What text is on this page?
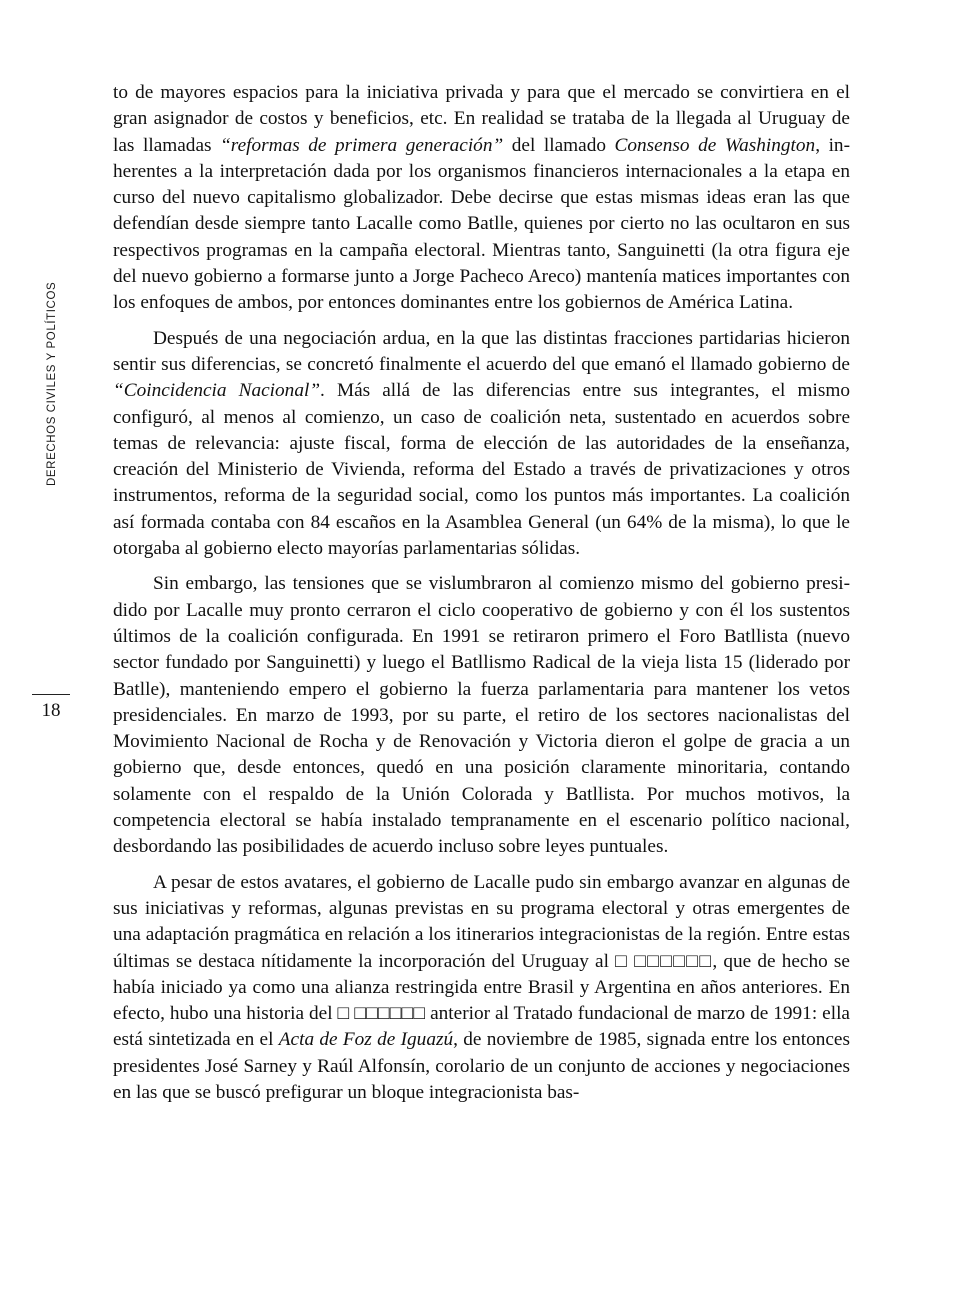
DERECHOS CIVILES Y POLÍTICOS
18

to de mayores espacios para la iniciativa privada y para que el mercado se convirtiera en el gran asignador de costos y beneficios, etc. En realidad se trataba de la llegada al Uruguay de las llamadas “reformas de primera generación” del llamado Consenso de Washington, inherentes a la interpretación dada por los organismos financieros internacionales a la etapa en curso del nuevo capitalismo globalizador. Debe decirse que estas mismas ideas eran las que defendían desde siempre tanto Lacalle como Batlle, quienes por cierto no las ocultaron en sus respectivos programas en la campaña electoral. Mientras tanto, Sanguinetti (la otra figura eje del nuevo gobierno a formarse junto a Jorge Pacheco Areco) mantenía matices importantes con los enfoques de ambos, por entonces dominantes entre los gobiernos de América Latina.

Después de una negociación ardua, en la que las distintas fracciones partidarias hicieron sentir sus diferencias, se concretó finalmente el acuerdo del que emanó el llamado gobierno de “Coincidencia Nacional”. Más allá de las diferencias entre sus integrantes, el mismo configuró, al menos al comienzo, un caso de coalición neta, sustentado en acuerdos sobre temas de relevancia: ajuste fiscal, forma de elección de las autoridades de la enseñanza, creación del Ministerio de Vivienda, reforma del Estado a través de privatizaciones y otros instrumentos, reforma de la seguridad social, como los puntos más importantes. La coalición así formada contaba con 84 escaños en la Asamblea General (un 64% de la misma), lo que le otorgaba al gobierno electo mayorías parlamentarias sólidas.

Sin embargo, las tensiones que se vislumbraron al comienzo mismo del gobierno presidido por Lacalle muy pronto cerraron el ciclo cooperativo de gobierno y con él los sustentos últimos de la coalición configurada. En 1991 se retiraron primero el Foro Batllista (nuevo sector fundado por Sanguinetti) y luego el Batllismo Radical de la vieja lista 15 (liderado por Batlle), manteniendo empero el gobierno la fuerza parlamentaria para mantener los vetos presidenciales. En marzo de 1993, por su parte, el retiro de los sectores nacionalistas del Movimiento Nacional de Rocha y de Renovación y Victoria dieron el golpe de gracia a un gobierno que, desde entonces, quedó en una posición claramente minoritaria, contando solamente con el respaldo de la Unión Colorada y Batllista. Por muchos motivos, la competencia electoral se había instalado tempranamente en el escenario político nacional, desbordando las posibilidades de acuerdo incluso sobre leyes puntuales.

A pesar de estos avatares, el gobierno de Lacalle pudo sin embargo avanzar en algunas de sus iniciativas y reformas, algunas previstas en su programa electoral y otras emergentes de una adaptación pragmática en relación a los itinerarios integracionistas de la región. Entre estas últimas se destaca nítidamente la incorporación del Uruguay al □ □□□□□□, que de hecho se había iniciado ya como una alianza restringida entre Brasil y Argentina en años anteriores. En efecto, hubo una historia del □ □□□□□□ anterior al Tratado fundacional de marzo de 1991: ella está sintetizada en el Acta de Foz de Iguazú, de noviembre de 1985, signada entre los entonces presidentes José Sarney y Raúl Alfonsín, corolario de un conjunto de acciones y negociaciones en las que se buscó prefigurar un bloque integracionista bas-
